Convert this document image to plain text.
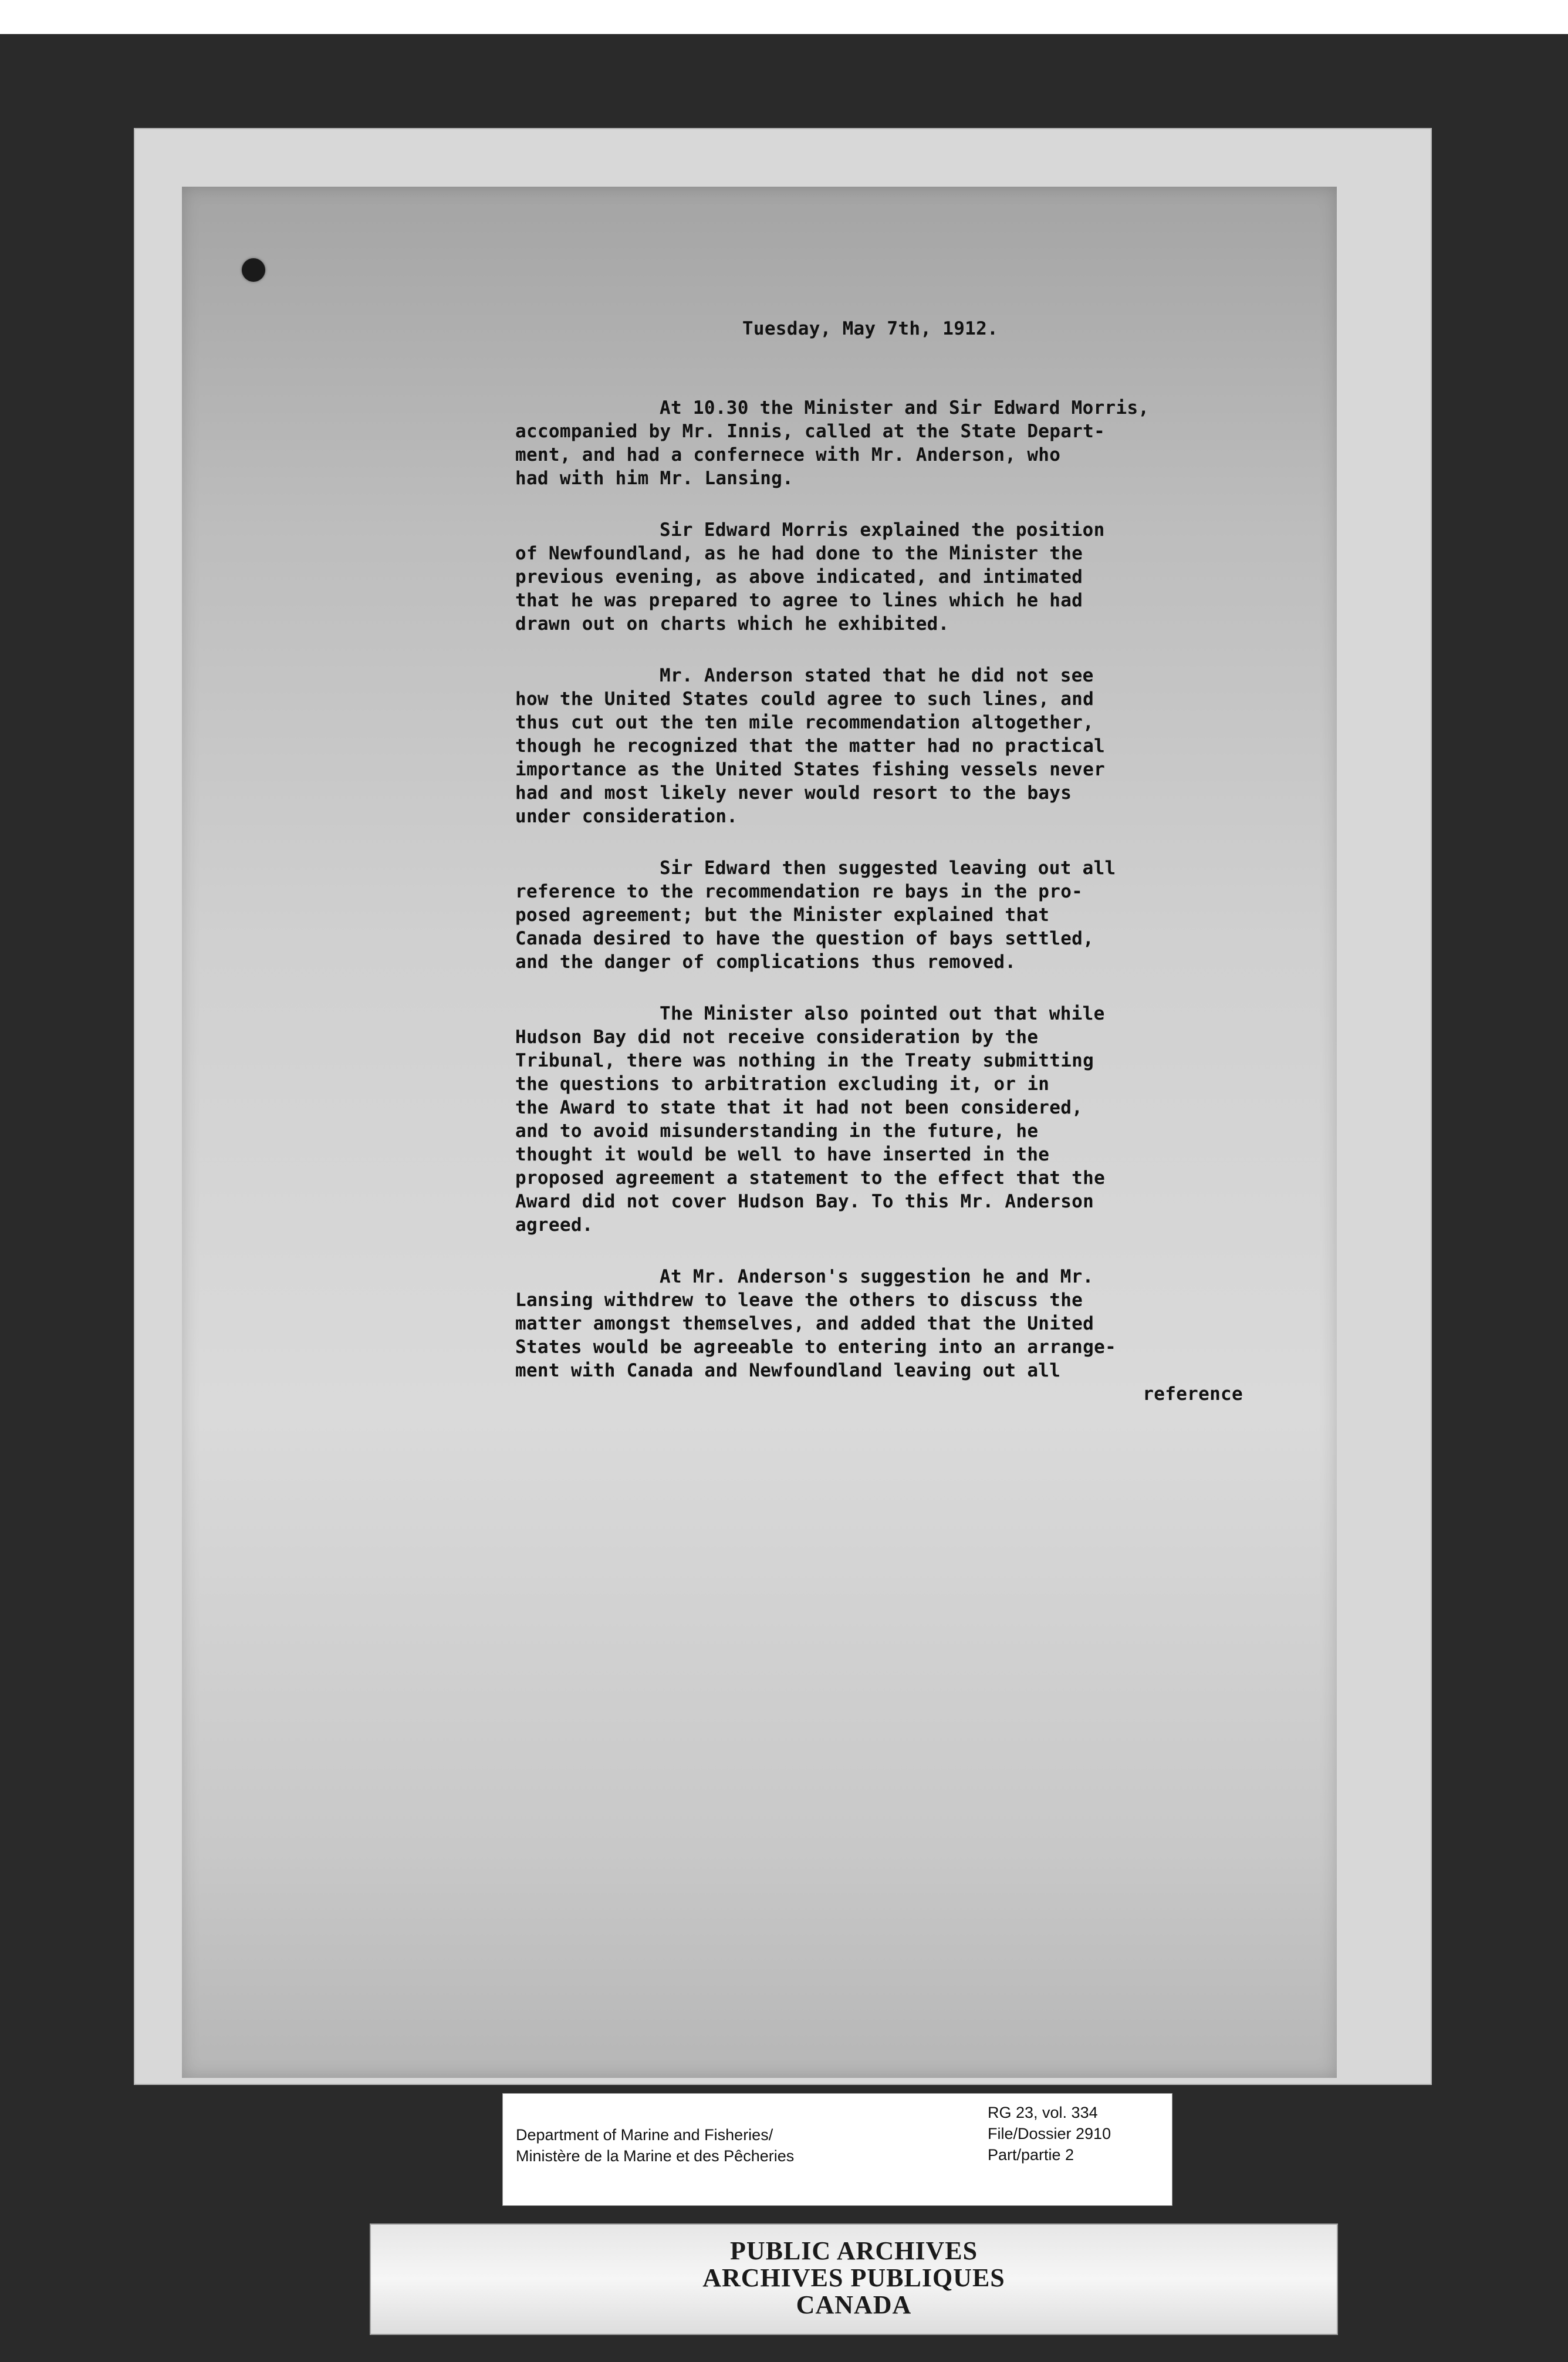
Tuesday, May 7th, 1912.
At 10.30 the Minister and Sir Edward Morris,
accompanied by Mr. Innis, called at the State Depart-
ment, and had a confernece with Mr. Anderson, who
had with him Mr. Lansing.
Sir Edward Morris explained the position
of Newfoundland, as he had done to the Minister the
previous evening, as above indicated, and intimated
that he was prepared to agree to lines which he had
drawn out on charts which he exhibited.
Mr. Anderson stated that he did not see
how the United States could agree to such lines, and
thus cut out the ten mile recommendation altogether,
though he recognized that the matter had no practical
importance as the United States fishing vessels never
had and most likely never would resort to the bays
under consideration.
Sir Edward then suggested leaving out all
reference to the recommendation re bays in the pro-
posed agreement; but the Minister explained that
Canada desired to have the question of bays settled,
and the danger of complications thus removed.
The Minister also pointed out that while
Hudson Bay did not receive consideration by the
Tribunal, there was nothing in the Treaty submitting
the questions to arbitration excluding it, or in
the Award to state that it had not been considered,
and to avoid misunderstanding in the future, he
thought it would be well to have inserted in the
proposed agreement a statement to the effect that the
Award did not cover Hudson Bay. To this Mr. Anderson
agreed.
At Mr. Anderson's suggestion he and Mr.
Lansing withdrew to leave the others to discuss the
matter amongst themselves, and added that the United
States would be agreeable to entering into an arrange-
ment with Canada and Newfoundland leaving out all
reference
Department of Marine and Fisheries/
Ministère de la Marine et des Pêcheries
RG 23, vol. 334
File/Dossier 2910
Part/partie 2
PUBLIC ARCHIVES
ARCHIVES PUBLIQUES
CANADA
